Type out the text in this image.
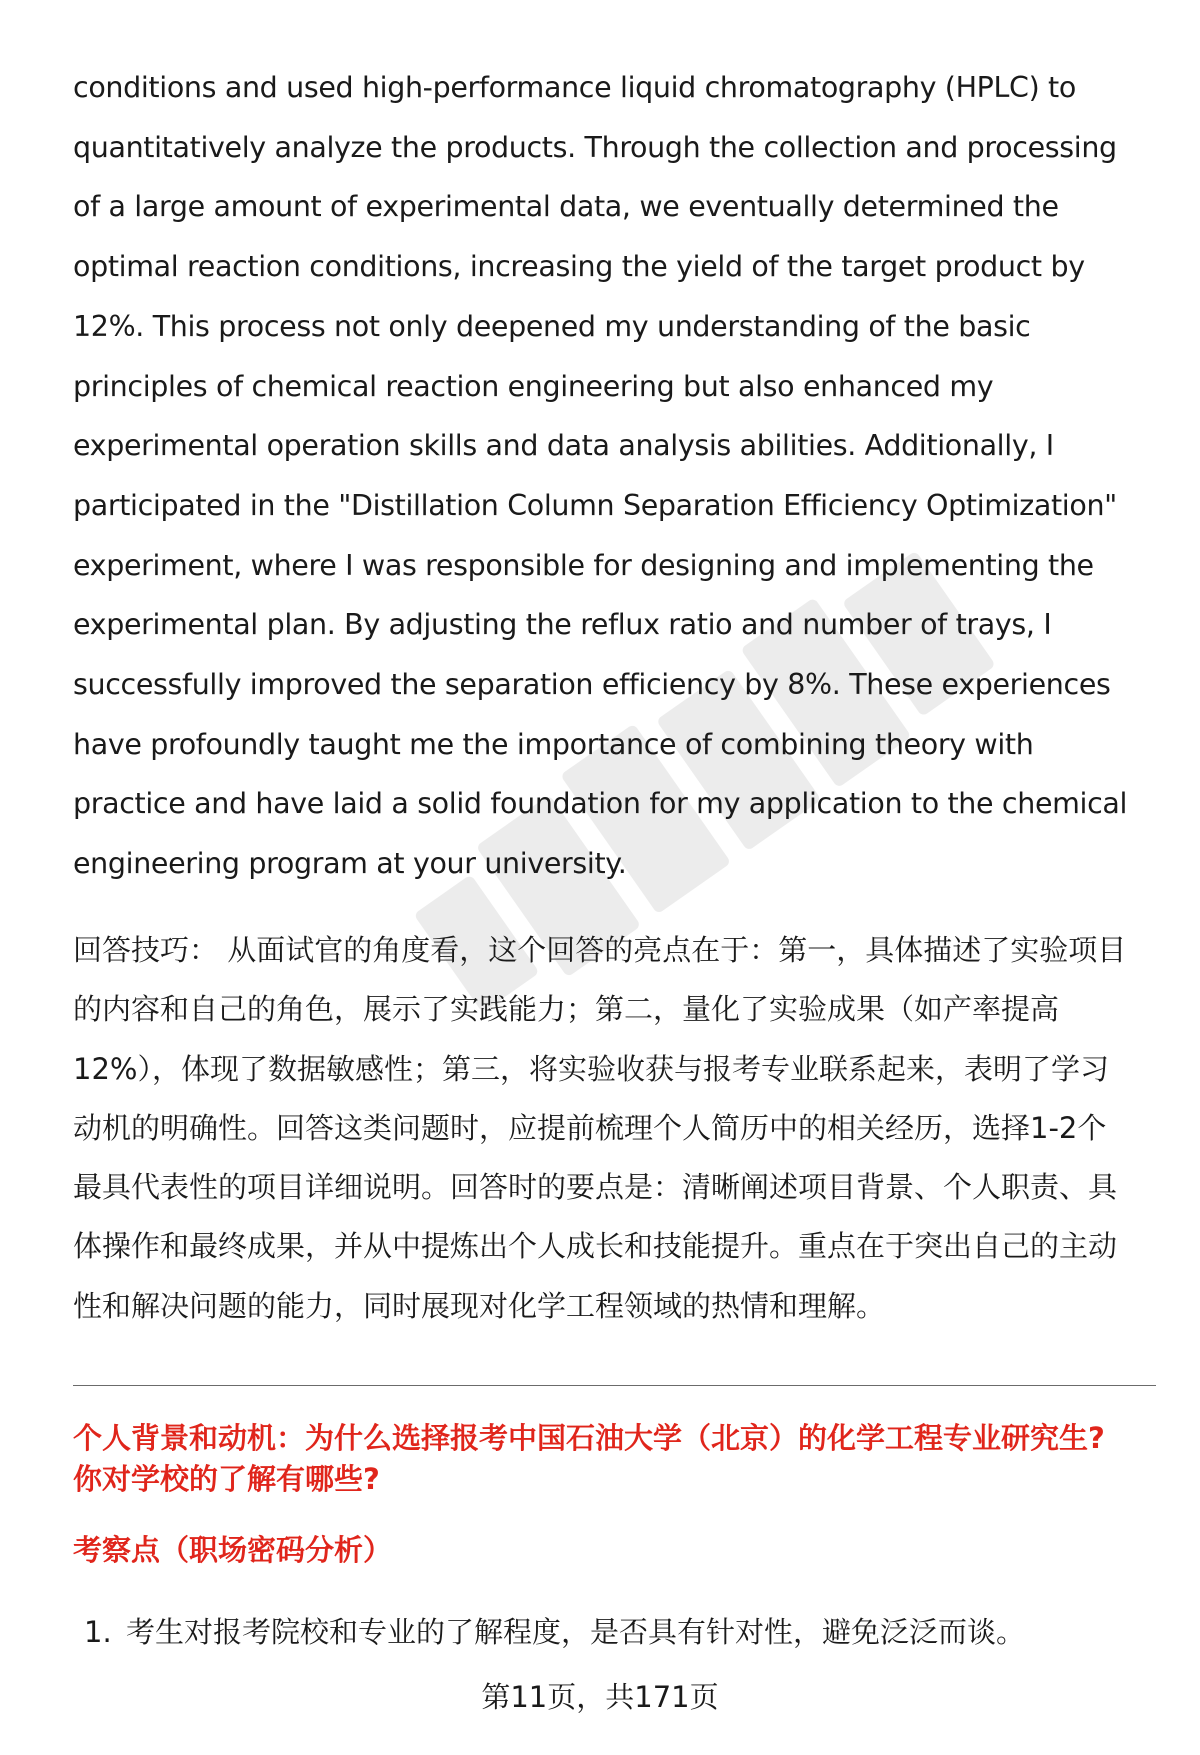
conditions and used high-performance liquid chromatography (HPLC) to
quantitatively analyze the products. Through the collection and processing
of a large amount of experimental data, we eventually determined the
optimal reaction conditions, increasing the yield of the target product by
12%. This process not only deepened my understanding of the basic
principles of chemical reaction engineering but also enhanced my
experimental operation skills and data analysis abilities. Additionally, I
participated in the "Distillation Column Separation Efficiency Optimization"
experiment, where I was responsible for designing and implementing the
experimental plan. By adjusting the reflux ratio and number of trays, I
successfully improved the separation efficiency by 8%. These experiences
have profoundly taught me the importance of combining theory with
practice and have laid a solid foundation for my application to the chemical
engineering program at your university.

回答技巧： 从面试官的角度看，这个回答的亮点在于：第一，具体描述了实验项目
的内容和自己的角色，展示了实践能力；第二，量化了实验成果（如产率提高
12%），体现了数据敏感性；第三，将实验收获与报考专业联系起来，表明了学习
动机的明确性。回答这类问题时，应提前梳理个人简历中的相关经历，选择1-2个
最具代表性的项目详细说明。回答时的要点是：清晰阐述项目背景、个人职责、具
体操作和最终成果，并从中提炼出个人成长和技能提升。重点在于突出自己的主动
性和解决问题的能力，同时展现对化学工程领域的热情和理解。

个人背景和动机：为什么选择报考中国石油大学（北京）的化学工程专业研究生?
你对学校的了解有哪些?
考察点（职场密码分析）
1. 考生对报考院校和专业的了解程度，是否具有针对性，避免泛泛而谈。
第11页，共171页
